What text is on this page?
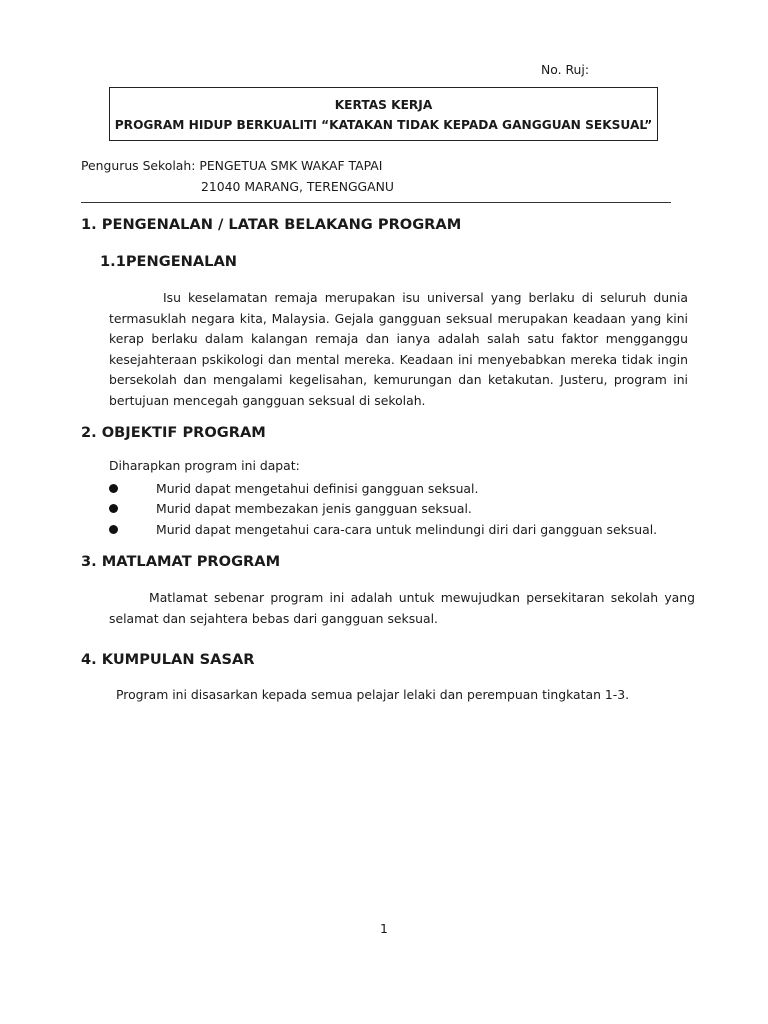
No. Ruj:
KERTAS KERJA
PROGRAM HIDUP BERKUALITI “KATAKAN TIDAK KEPADA GANGGUAN SEKSUAL”
Pengurus Sekolah: PENGETUA SMK WAKAF TAPAI
21040 MARANG, TERENGGANU
1. PENGENALAN / LATAR BELAKANG PROGRAM
1.1PENGENALAN
Isu keselamatan remaja merupakan isu universal yang berlaku di seluruh dunia termasuklah negara kita, Malaysia. Gejala gangguan seksual merupakan keadaan yang kini kerap berlaku dalam kalangan remaja dan ianya adalah salah satu faktor mengganggu kesejahteraan pskikologi dan mental mereka. Keadaan ini menyebabkan mereka tidak ingin bersekolah dan mengalami kegelisahan, kemurungan dan ketakutan. Justeru, program ini bertujuan mencegah gangguan seksual di sekolah.
2. OBJEKTIF PROGRAM
Diharapkan program ini dapat:
Murid dapat mengetahui definisi gangguan seksual.
Murid dapat membezakan jenis gangguan seksual.
Murid dapat mengetahui cara-cara untuk melindungi diri dari gangguan seksual.
3. MATLAMAT PROGRAM
Matlamat sebenar program ini adalah untuk mewujudkan persekitaran sekolah yang selamat dan sejahtera bebas dari gangguan seksual.
4. KUMPULAN SASAR
Program ini disasarkan kepada semua pelajar lelaki dan perempuan tingkatan 1-3.
1
